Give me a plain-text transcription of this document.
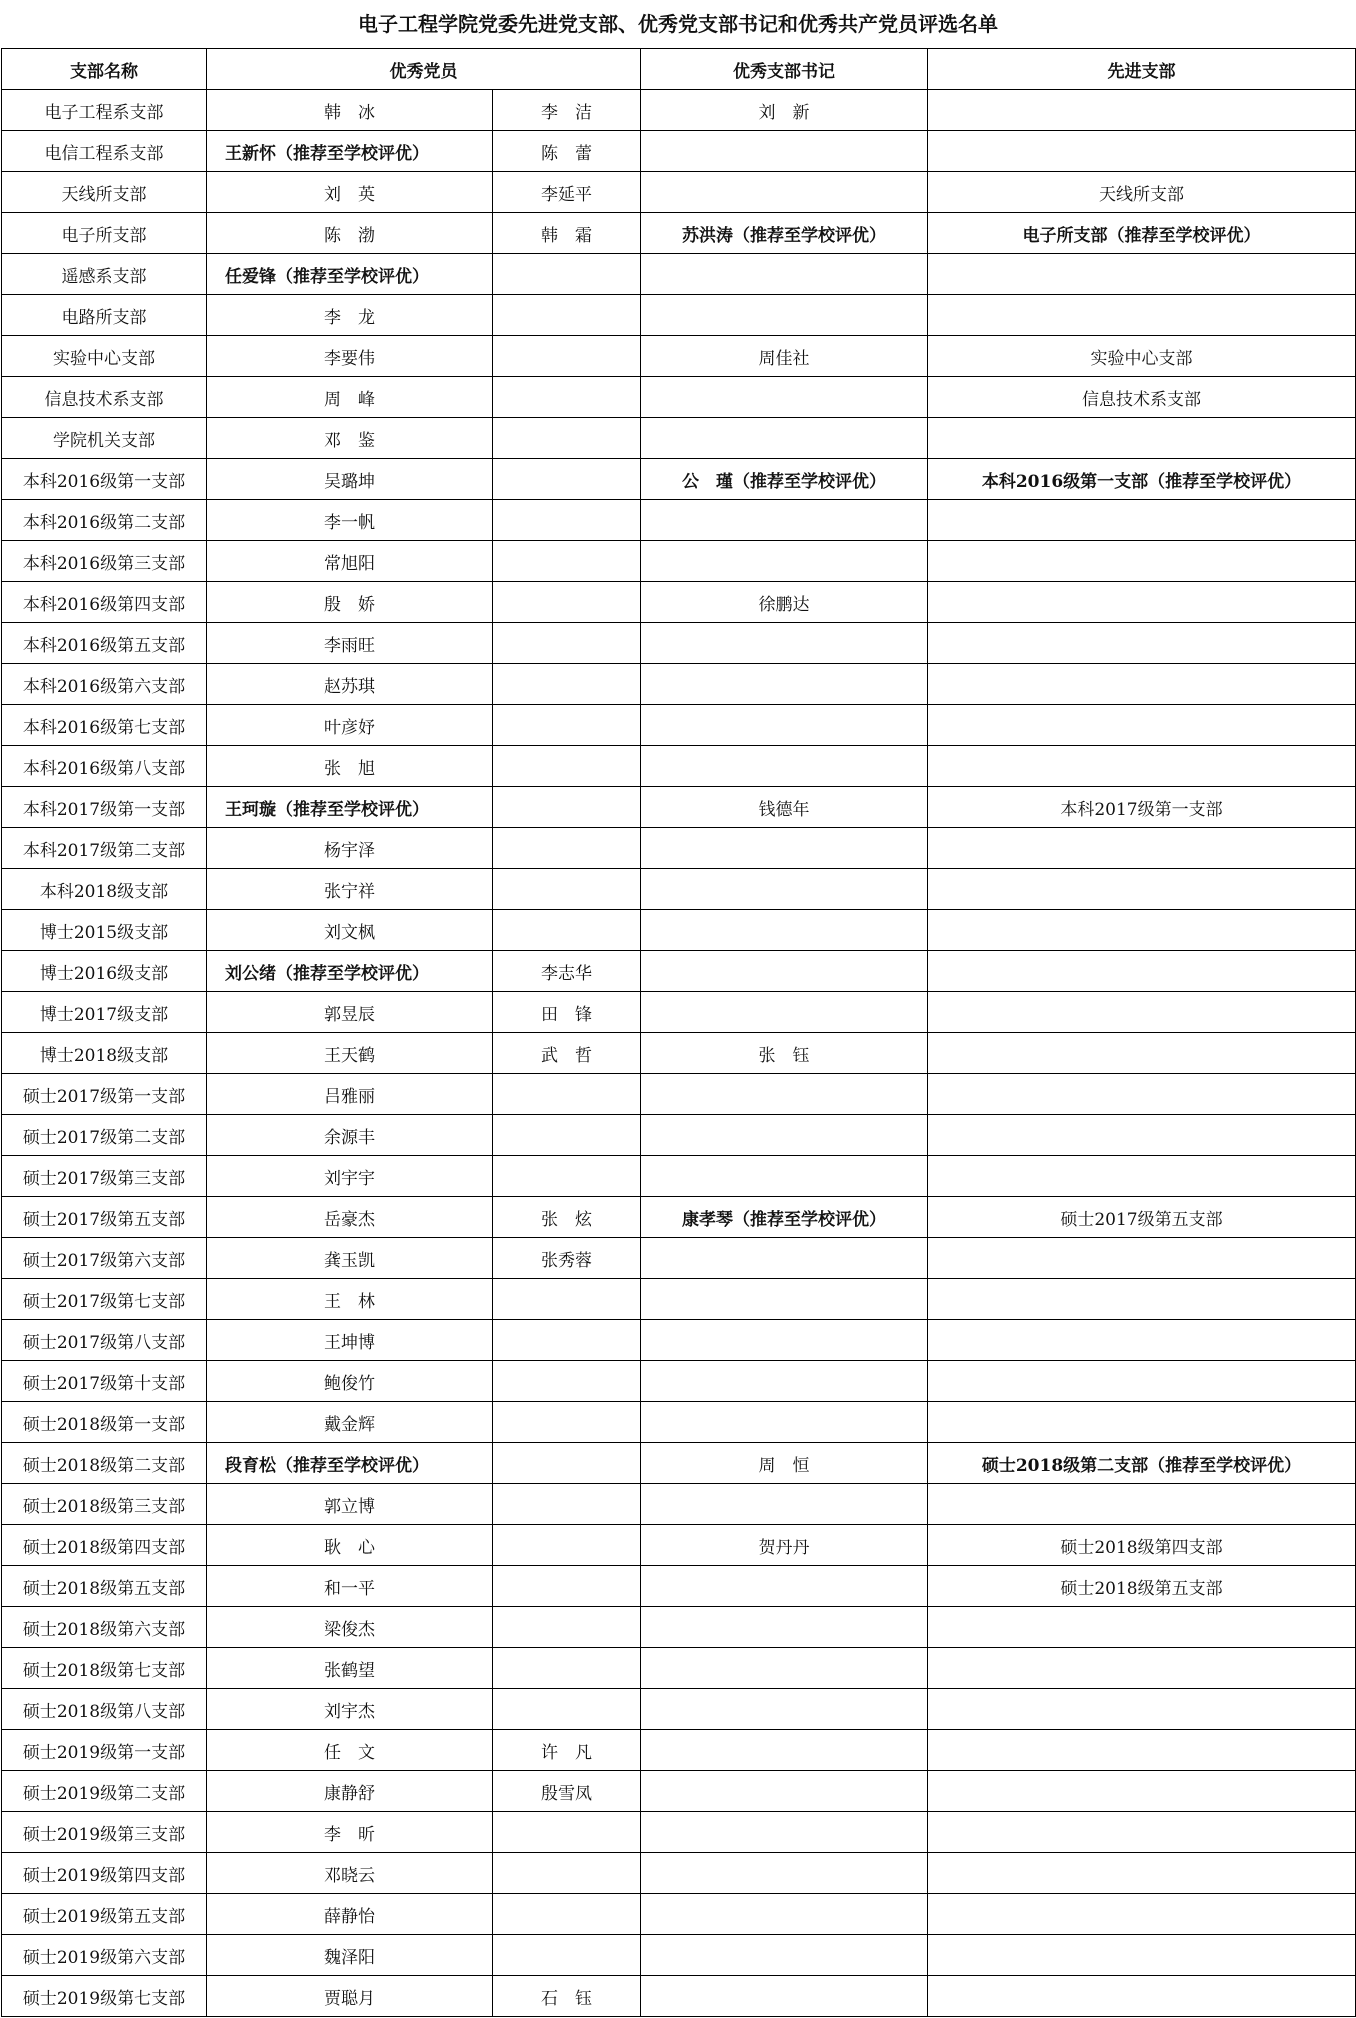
电子工程学院党委先进党支部、优秀党支部书记和优秀共产党员评选名单
支部名称	优秀党员		优秀支部书记	先进支部
电子工程系支部	韩　冰	李　洁	刘　新	
电信工程系支部	王新怀（推荐至学校评优）	陈　蕾		
天线所支部	刘　英	李延平		天线所支部
电子所支部	陈　渤	韩　霜	苏洪涛（推荐至学校评优）	电子所支部（推荐至学校评优）
遥感系支部	任爱锋（推荐至学校评优）			
电路所支部	李　龙			
实验中心支部	李要伟		周佳社	实验中心支部
信息技术系支部	周　峰			信息技术系支部
学院机关支部	邓　鉴			
本科2016级第一支部	吴璐坤		公　瑾（推荐至学校评优）	本科2016级第一支部（推荐至学校评优）
本科2016级第二支部	李一帆			
本科2016级第三支部	常旭阳			
本科2016级第四支部	殷　娇		徐鹏达	
本科2016级第五支部	李雨旺			
本科2016级第六支部	赵苏琪			
本科2016级第七支部	叶彦妤			
本科2016级第八支部	张　旭			
本科2017级第一支部	王珂璇（推荐至学校评优）		钱德年	本科2017级第一支部
本科2017级第二支部	杨宇泽			
本科2018级支部	张宁祥			
博士2015级支部	刘文枫			
博士2016级支部	刘公绪（推荐至学校评优）	李志华		
博士2017级支部	郭昱辰	田　锋		
博士2018级支部	王天鹤	武　哲	张　钰	
硕士2017级第一支部	吕雅丽			
硕士2017级第二支部	余源丰			
硕士2017级第三支部	刘宇宇			
硕士2017级第五支部	岳豪杰	张　炫	康孝琴（推荐至学校评优）	硕士2017级第五支部
硕士2017级第六支部	龚玉凯	张秀蓉		
硕士2017级第七支部	王　林			
硕士2017级第八支部	王坤博			
硕士2017级第十支部	鲍俊竹			
硕士2018级第一支部	戴金辉			
硕士2018级第二支部	段育松（推荐至学校评优）		周　恒	硕士2018级第二支部（推荐至学校评优）
硕士2018级第三支部	郭立博			
硕士2018级第四支部	耿　心		贺丹丹	硕士2018级第四支部
硕士2018级第五支部	和一平			硕士2018级第五支部
硕士2018级第六支部	梁俊杰			
硕士2018级第七支部	张鹤望			
硕士2018级第八支部	刘宇杰			
硕士2019级第一支部	任　文	许　凡		
硕士2019级第二支部	康静舒	殷雪凤		
硕士2019级第三支部	李　昕			
硕士2019级第四支部	邓晓云			
硕士2019级第五支部	薛静怡			
硕士2019级第六支部	魏泽阳			
硕士2019级第七支部	贾聪月	石　钰		
